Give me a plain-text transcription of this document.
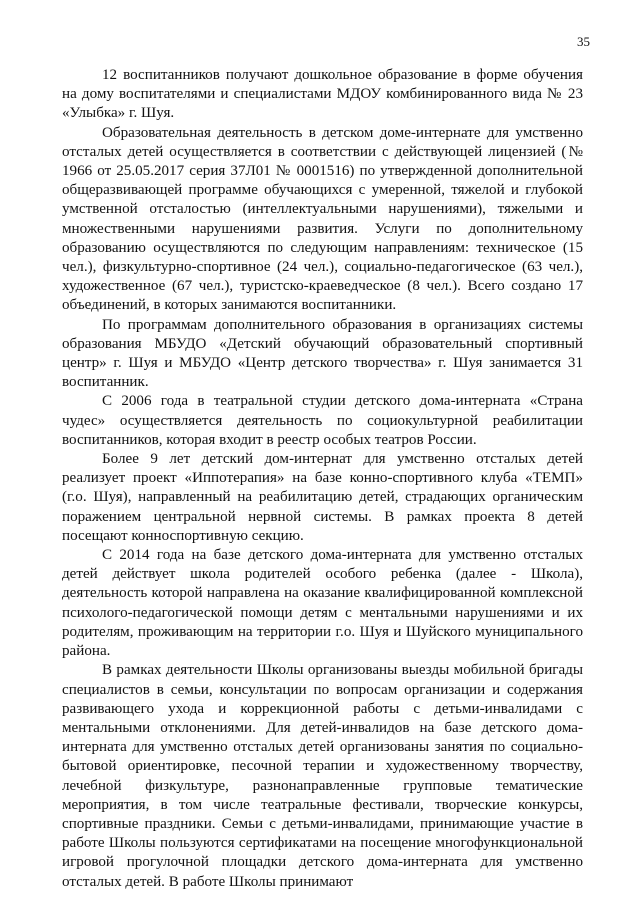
35

12 воспитанников получают дошкольное образование в форме обучения на дому воспитателями и специалистами МДОУ комбинированного вида № 23 «Улыбка» г. Шуя.

Образовательная деятельность в детском доме-интернате для умственно отсталых детей осуществляется в соответствии с действующей лицензией (№ 1966 от 25.05.2017 серия 37Л01 № 0001516) по утвержденной дополнительной общеразвивающей программе обучающихся с умеренной, тяжелой и глубокой умственной отсталостью (интеллектуальными нарушениями), тяжелыми и множественными нарушениями развития. Услуги по дополнительному образованию осуществляются по следующим направлениям: техническое (15 чел.), физкультурно-спортивное (24 чел.), социально-педагогическое (63 чел.), художественное (67 чел.), туристско-краеведческое (8 чел.). Всего создано 17 объединений, в которых занимаются воспитанники.

По программам дополнительного образования в организациях системы образования МБУДО «Детский обучающий образовательный спортивный центр» г. Шуя и МБУДО «Центр детского творчества» г. Шуя занимается 31 воспитанник.

С 2006 года в театральной студии детского дома-интерната «Страна чудес» осуществляется деятельность по социокультурной реабилитации воспитанников, которая входит в реестр особых театров России.

Более 9 лет детский дом-интернат для умственно отсталых детей реализует проект «Иппотерапия» на базе конно-спортивного клуба «ТЕМП» (г.о. Шуя), направленный на реабилитацию детей, страдающих органическим поражением центральной нервной системы. В рамках проекта 8 детей посещают конноспортивную секцию.

С 2014 года на базе детского дома-интерната для умственно отсталых детей действует школа родителей особого ребенка (далее - Школа), деятельность которой направлена на оказание квалифицированной комплексной психолого-педагогической помощи детям с ментальными нарушениями и их родителям, проживающим на территории г.о. Шуя и Шуйского муниципального района.

В рамках деятельности Школы организованы выезды мобильной бригады специалистов в семьи, консультации по вопросам организации и содержания развивающего ухода и коррекционной работы с детьми-инвалидами с ментальными отклонениями. Для детей-инвалидов на базе детского дома-интерната для умственно отсталых детей организованы занятия по социально-бытовой ориентировке, песочной терапии и художественному творчеству, лечебной физкультуре, разнонаправленные групповые тематические мероприятия, в том числе театральные фестивали, творческие конкурсы, спортивные праздники. Семьи с детьми-инвалидами, принимающие участие в работе Школы пользуются сертификатами на посещение многофункциональной игровой прогулочной площадки детского дома-интерната для умственно отсталых детей. В работе Школы принимают
